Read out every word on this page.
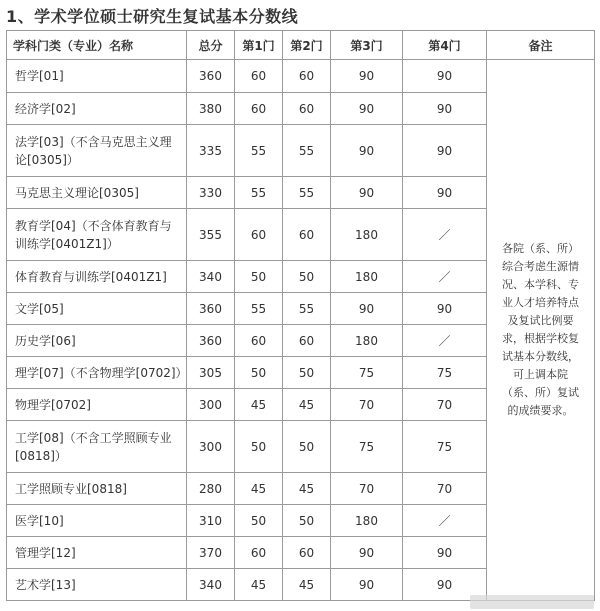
1、学术学位硕士研究生复试基本分数线
学科门类（专业）名称	总分	第1门	第2门	第3门	第4门	备注
哲学[01]	360	60	60	90	90	各院（系、所）综合考虑生源情况、本学科、专业人才培养特点及复试比例要求，根据学校复试基本分数线，可上调本院（系、所）复试的成绩要求。
经济学[02]	380	60	60	90	90	
法学[03]（不含马克思主义理论[0305]）	335	55	55	90	90	
马克思主义理论[0305]	330	55	55	90	90	
教育学[04]（不含体育教育与训练学[0401Z1]）	355	60	60	180	／	
体育教育与训练学[0401Z1]	340	50	50	180	／	
文学[05]	360	55	55	90	90	
历史学[06]	360	60	60	180	／	
理学[07]（不含物理学[0702]）	305	50	50	75	75	
物理学[0702]	300	45	45	70	70	
工学[08]（不含工学照顾专业[0818]）	300	50	50	75	75	
工学照顾专业[0818]	280	45	45	70	70	
医学[10]	310	50	50	180	／	
管理学[12]	370	60	60	90	90	
艺术学[13]	340	45	45	90	90	
